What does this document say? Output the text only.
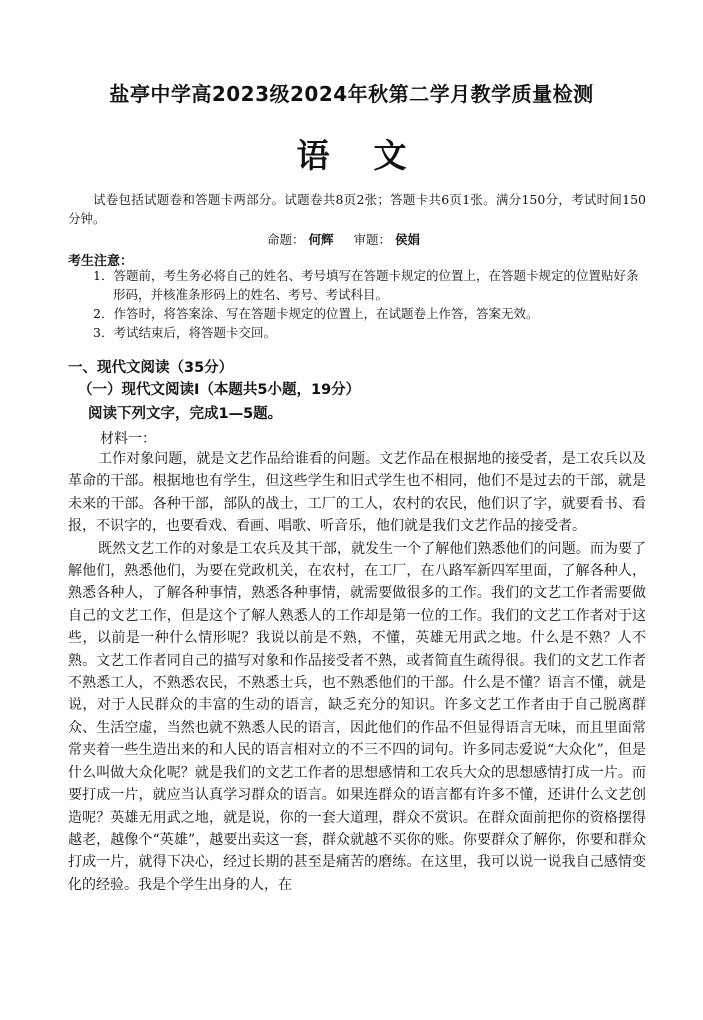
盐亭中学高2023级2024年秋第二学月教学质量检测
语文
试卷包括试题卷和答题卡两部分。试题卷共8页2张；答题卡共6页1张。满分150分，考试时间150分钟。
命题： 何辉 审题： 侯娟
考生注意：
1．答题前，考生务必将自己的姓名、考号填写在答题卡规定的位置上，在答题卡规定的位置贴好条形码，并核准条形码上的姓名、考号、考试科目。
2．作答时，将答案涂、写在答题卡规定的位置上，在试题卷上作答，答案无效。
3．考试结束后，将答题卡交回。
一、现代文阅读（35分）
（一）现代文阅读Ⅰ（本题共5小题，19分）
阅读下列文字，完成1—5题。
材料一：

工作对象问题，就是文艺作品给谁看的问题。文艺作品在根据地的接受者，是工农兵以及革命的干部。根据地也有学生，但这些学生和旧式学生也不相同，他们不是过去的干部，就是未来的干部。各种干部，部队的战士，工厂的工人，农村的农民，他们识了字，就要看书、看报，不识字的，也要看戏、看画、唱歌、听音乐，他们就是我们文艺作品的接受者。

既然文艺工作的对象是工农兵及其干部，就发生一个了解他们熟悉他们的问题。而为要了解他们，熟悉他们，为要在党政机关，在农村，在工厂，在八路军新四军里面，了解各种人，熟悉各种人，了解各种事情，熟悉各种事情，就需要做很多的工作。我们的文艺工作者需要做自己的文艺工作，但是这个了解人熟悉人的工作却是第一位的工作。我们的文艺工作者对于这些，以前是一种什么情形呢？我说以前是不熟，不懂，英雄无用武之地。什么是不熟？人不熟。文艺工作者同自己的描写对象和作品接受者不熟，或者简直生疏得很。我们的文艺工作者不熟悉工人，不熟悉农民，不熟悉士兵，也不熟悉他们的干部。什么是不懂？语言不懂，就是说，对于人民群众的丰富的生动的语言，缺乏充分的知识。许多文艺工作者由于自己脱离群众、生活空虚，当然也就不熟悉人民的语言，因此他们的作品不但显得语言无味，而且里面常常夹着一些生造出来的和人民的语言相对立的不三不四的词句。许多同志爱说“大众化”，但是什么叫做大众化呢？就是我们的文艺工作者的思想感情和工农兵大众的思想感情打成一片。而要打成一片，就应当认真学习群众的语言。如果连群众的语言都有许多不懂，还讲什么文艺创造呢？英雄无用武之地，就是说，你的一套大道理，群众不赏识。在群众面前把你的资格摆得越老，越像个“英雄”，越要出卖这一套，群众就越不买你的账。你要群众了解你，你要和群众打成一片，就得下决心，经过长期的甚至是痛苦的磨练。在这里，我可以说一说我自己感情变化的经验。我是个学生出身的人，在
